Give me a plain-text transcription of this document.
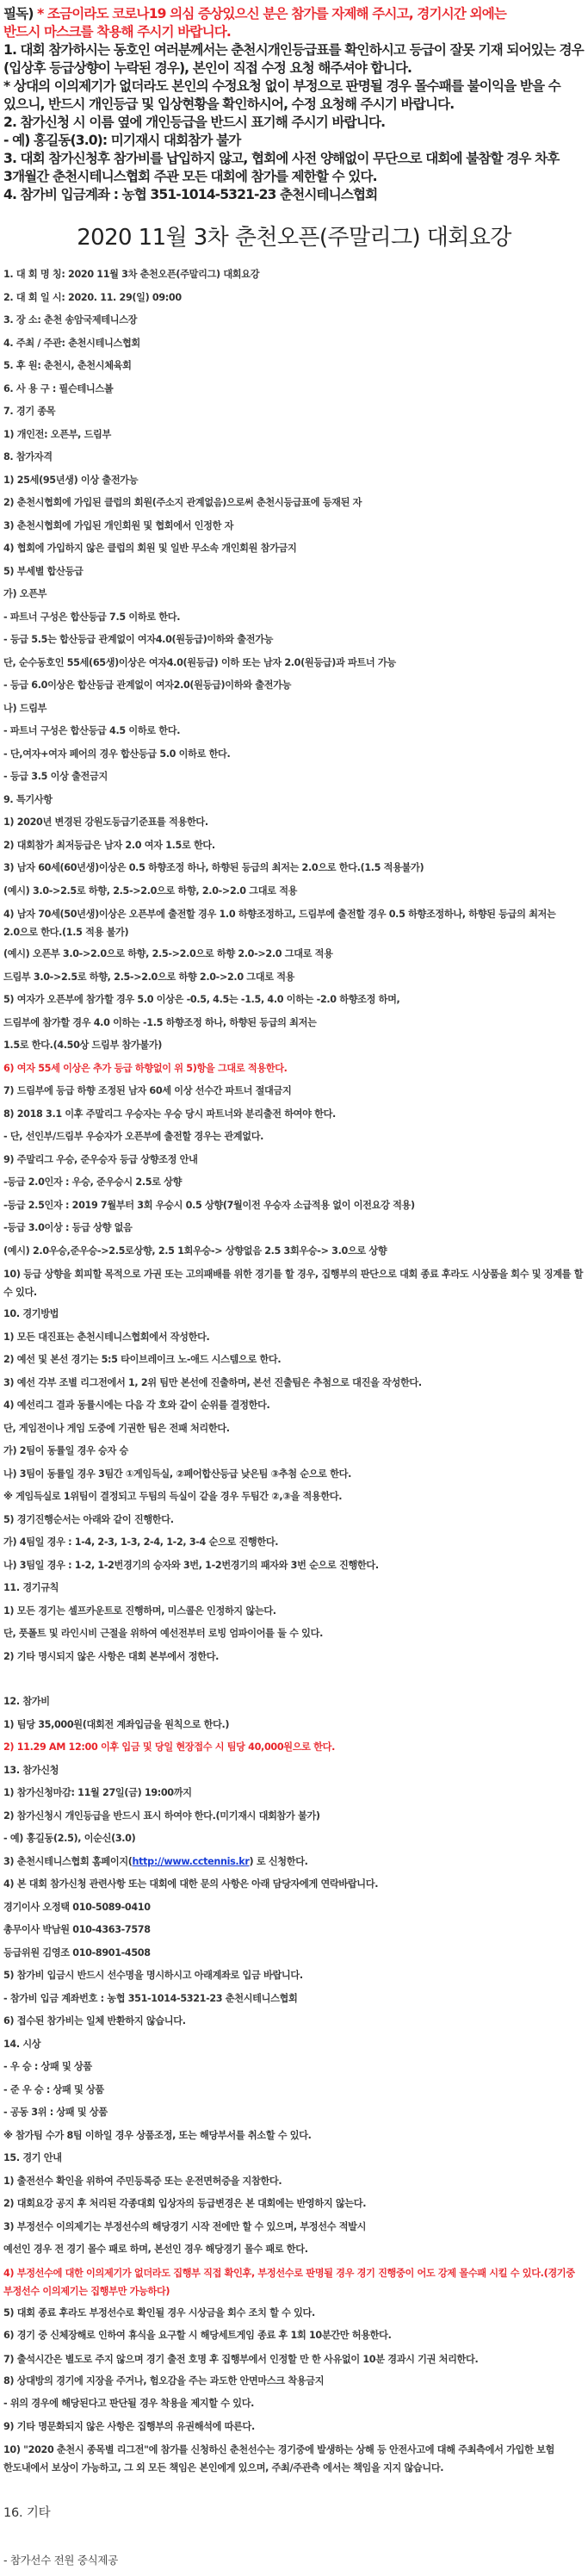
필독) * 조금이라도 코로나19 의심 증상있으신 분은 참가를 자제해 주시고, 경기시간 외에는

반드시 마스크를 착용해 주시기 바랍니다.

1. 대회 참가하시는 동호인 여러분께서는 춘천시개인등급표를 확인하시고 등급이 잘못 기재 되어있는 경우(입상후 등급상향이 누락된 경우), 본인이 직접 수정 요청 해주셔야 합니다.

* 상대의 이의제기가 없더라도 본인의 수정요청 없이 부정으로 판명될 경우 몰수패를 불이익을 받을 수 있으니, 반드시 개인등급 및 입상현황을 확인하시어, 수정 요청해 주시기 바랍니다.

2. 참가신청 시 이름 옆에 개인등급을 반드시 표기해 주시기 바랍니다.

- 예) 홍길동(3.0): 미기재시 대회참가 불가

3. 대회 참가신청후 참가비를 납입하지 않고, 협회에 사전 양해없이 무단으로 대회에 불참할 경우 차후 3개월간 춘천시테니스협회 주관 모든 대회에 참가를 제한할 수 있다.

4. 참가비 입금계좌 : 농협 351-1014-5321-23 춘천시테니스협회

2020 11월 3차 춘천오픈(주말리그) 대회요강

1. 대 회 명 칭: 2020 11월 3차 춘천오픈(주말리그) 대회요강

2. 대 회 일 시: 2020. 11. 29(일) 09:00

3. 장 소: 춘천 송암국제테니스장

4. 주최 / 주관: 춘천시테니스협회

5. 후 원: 춘천시, 춘천시체육회

6. 사 용 구 : 필슨테니스볼

7. 경기 종목

1) 개인전: 오픈부, 드림부

8. 참가자격

1) 25세(95년생) 이상 출전가능

2) 춘천시협회에 가입된 클럽의 회원(주소지 관계없음)으로써 춘천시등급표에 등재된 자

3) 춘천시협회에 가입된 개인회원 및 협회에서 인정한 자

4) 협회에 가입하지 않은 클럽의 회원 및 일반 무소속 개인회원 참가금지

5) 부세별 합산등급

가) 오픈부

- 파트너 구성은 합산등급 7.5 이하로 한다.

- 등급 5.5는 합산등급 관계없이 여자4.0(원등급)이하와 출전가능

단, 순수동호인 55세(65생)이상은 여자4.0(원등급) 이하 또는 남자 2.0(원등급)과 파트너 가능

- 등급 6.0이상은 합산등급 관계없이 여자2.0(원등급)이하와 출전가능

나) 드림부

- 파트너 구성은 합산등급 4.5 이하로 한다.

- 단,여자+여자 페어의 경우 합산등급 5.0 이하로 한다.

- 등급 3.5 이상 출전금지

9. 특기사항

1) 2020년 변경된 강원도등급기준표를 적용한다.

2) 대회참가 최저등급은 남자 2.0 여자 1.5로 한다.

3) 남자 60세(60년생)이상은 0.5 하향조정 하나, 하향된 등급의 최저는 2.0으로 한다.(1.5 적용불가)

(예시) 3.0->2.5로 하향, 2.5->2.0으로 하향, 2.0->2.0 그대로 적용

4) 남자 70세(50년생)이상은 오픈부에 출전할 경우 1.0 하향조정하고, 드림부에 출전할 경우 0.5 하향조정하나, 하향된 등급의 최저는 2.0으로 한다.(1.5 적용 불가)

(예시) 오픈부 3.0->2.0으로 하향, 2.5->2.0으로 하향 2.0->2.0 그대로 적용

드림부 3.0->2.5로 하향, 2.5->2.0으로 하향 2.0->2.0 그대로 적용

5) 여자가 오픈부에 참가할 경우 5.0 이상은 -0.5, 4.5는 -1.5, 4.0 이하는 -2.0 하향조정 하며,

드림부에 참가할 경우 4.0 이하는 -1.5 하향조정 하나, 하향된 등급의 최저는

1.5로 한다.(4.50상 드림부 참가불가)

6) 여자 55세 이상은 추가 등급 하향없이 위 5)항을 그대로 적용한다.

7) 드림부에 등급 하향 조정된 남자 60세 이상 선수간 파트너 절대금지

8) 2018 3.1 이후 주말리그 우승자는 우승 당시 파트너와 분리출전 하여야 한다.

- 단, 선인부/드림부 우승자가 오픈부에 출전할 경우는 관계없다.

9) 주말리그 우승, 준우승자 등급 상향조정 안내

-등급 2.0인자 : 우승, 준우승시 2.5로 상향

-등급 2.5인자 : 2019 7월부터 3회 우승시 0.5 상향(7월이전 우승자 소급적용 없이 이전요강 적용)

-등급 3.0이상 : 등급 상향 없음

(예시) 2.0우승,준우승->2.5로상향, 2.5 1회우승-> 상향없음 2.5 3회우승-> 3.0으로 상향

10) 등급 상향을 회피할 목적으로 가권 또는 고의패배를 위한 경기를 할 경우, 집행부의 판단으로 대회 종료 후라도 시상품을 회수 및 징계를 할 수 있다.

10. 경기방법

1) 모든 대진표는 춘천시테니스협회에서 작성한다.

2) 예선 및 본선 경기는 5:5 타이브레이크 노-애드 시스템으로 한다.

3) 예선 각부 조별 리그전에서 1, 2위 팀만 본선에 진출하며, 본선 진출팀은 추첨으로 대진을 작성한다.

4) 예선리그 결과 동률시에는 다음 각 호와 같이 순위를 결정한다.

단, 게임전이나 게임 도중에 기권한 팀은 전패 처리한다.

가) 2팀이 동률일 경우 승자 승

나) 3팀이 동률일 경우 3팀간 ①게임득실, ②페어합산등급 낮은팀 ③추첨 순으로 한다.

※ 게임득실로 1위팀이 결정되고 두팀의 득실이 같을 경우 두팀간 ②,③을 적용한다.

5) 경기진행순서는 아래와 같이 진행한다.

가) 4팀일 경우 : 1-4, 2-3, 1-3, 2-4, 1-2, 3-4 순으로 진행한다.

나) 3팀일 경우 : 1-2, 1-2번경기의 승자와 3번, 1-2번경기의 패자와 3번 순으로 진행한다.

11. 경기규칙

1) 모든 경기는 셀프카운트로 진행하며, 미스콜은 인정하지 않는다.

단, 풋폴트 및 라인시비 근절을 위하여 예선전부터 로빙 엄파이어를 둘 수 있다.

2) 기타 명시되지 않은 사항은 대회 본부에서 정한다.

12. 참가비

1) 팀당 35,000원(대회전 계좌입금을 원칙으로 한다.)

2) 11.29 AM 12:00 이후 입금 및 당일 현장접수 시 팀당 40,000원으로 한다.

13. 참가신청

1) 참가신청마감: 11월 27일(금) 19:00까지

2) 참가신청시 개인등급을 반드시 표시 하여야 한다.(미기재시 대회참가 불가)

- 예) 홍길동(2.5), 이순신(3.0)

3) 춘천시테니스협회 홈페이지(http://www.cctennis.kr) 로 신청한다.

4) 본 대회 참가신청 관련사항 또는 대회에 대한 문의 사항은 아래 담당자에게 연락바랍니다.

경기이사 오정택 010-5089-0410

총무이사 박남원 010-4363-7578

등급위원 김영조 010-8901-4508

5) 참가비 입금시 반드시 선수명을 명시하시고 아래계좌로 입금 바랍니다.

- 참가비 입금 계좌번호 : 농협 351-1014-5321-23 춘천시테니스협회

6) 접수된 참가비는 일체 반환하지 않습니다.

14. 시상

- 우 승 : 상패 및 상품

- 준 우 승 : 상패 및 상품

- 공동 3위 : 상패 및 상품

※ 참가팀 수가 8팀 이하일 경우 상품조정, 또는 해당부서를 취소할 수 있다.

15. 경기 안내

1) 출전선수 확인을 위하여 주민등록증 또는 운전면허증을 지참한다.

2) 대회요강 공지 후 처리된 각종대회 입상자의 등급변경은 본 대회에는 반영하지 않는다.

3) 부정선수 이의제기는 부정선수의 해당경기 시작 전에만 할 수 있으며, 부정선수 적발시

예선인 경우 전 경기 몰수 패로 하며, 본선인 경우 해당경기 몰수 패로 한다.

4) 부정선수에 대한 이의제기가 없더라도 집행부 직접 확인후, 부정선수로 판명될 경우 경기 진행중이 어도 강제 몰수패 시킬 수 있다.(경기중 부정선수 이의제기는 집행부만 가능하다)

5) 대회 종료 후라도 부정선수로 확인될 경우 시상금을 회수 조치 할 수 있다.

6) 경기 중 신체장해로 인하여 휴식을 요구할 시 해당세트게임 종료 후 1회 10분간만 허용한다.

7) 출석시간은 별도로 주지 않으며 경기 출전 호명 후 집행부에서 인정할 만 한 사유없이 10분 경과시 기권 처리한다.

8) 상대방의 경기에 지장을 주거나, 험오감을 주는 과도한 안면마스크 착용금지

- 위의 경우에 해당된다고 판단될 경우 착용을 제지할 수 있다.

9) 기타 명문화되지 않은 사항은 집행부의 유권해석에 따른다.

10) "2020 춘천시 종목별 리그전"에 참가를 신청하신 춘천선수는 경기중에 발생하는 상해 등 안전사고에 대해 주최측에서 가입한 보험 한도내에서 보상이 가능하고, 그 외 모든 책임은 본인에게 있으며, 주최/주관측 에서는 책임을 지지 않습니다.

16. 기타
- 참가선수 전원 중식제공
